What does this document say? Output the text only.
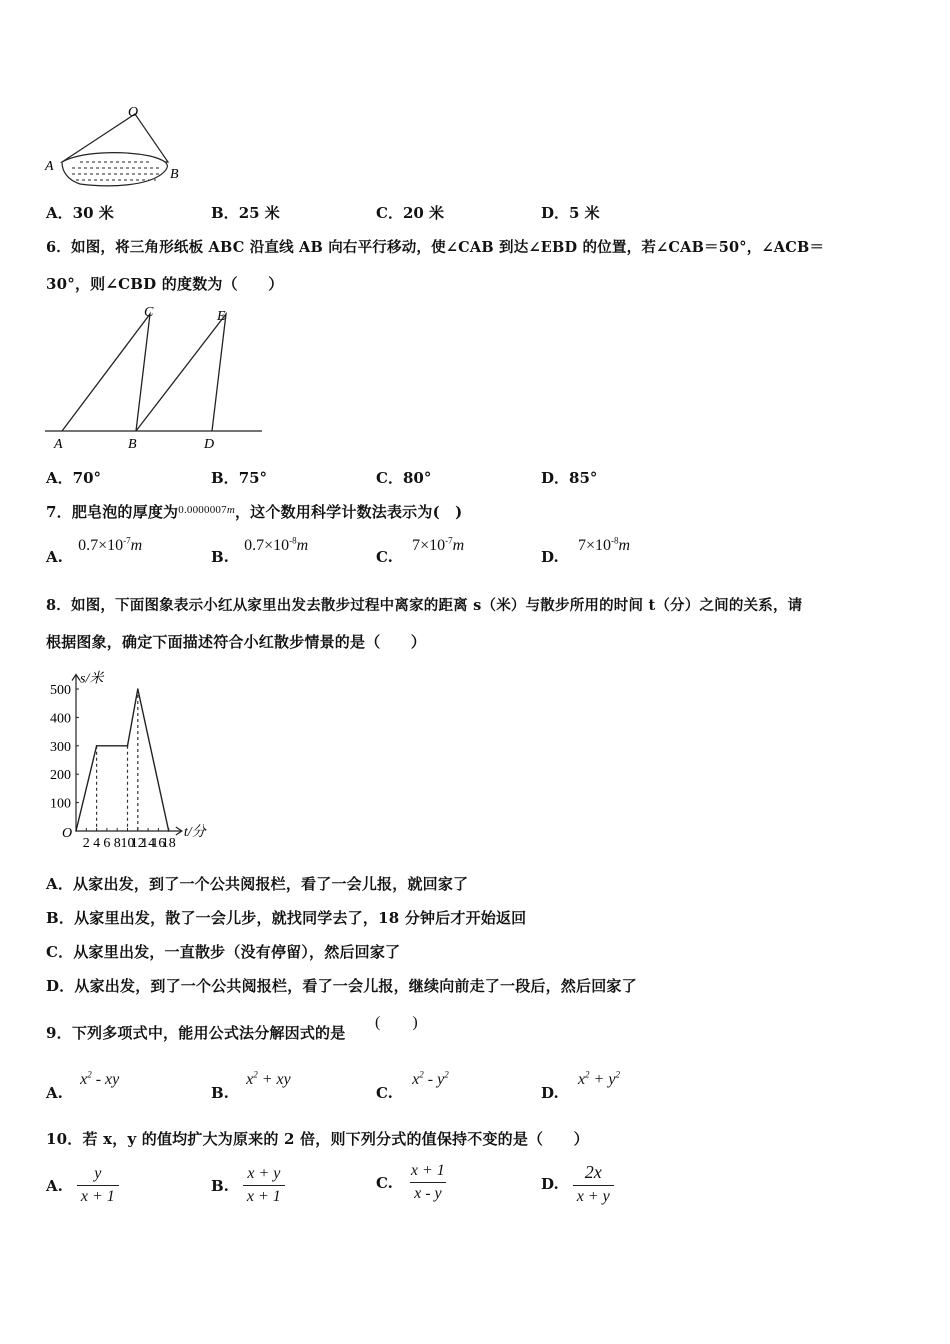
O
A
B
A．30 米	B．25 米	C．20 米	D．5 米
6．如图，将三角形纸板 ABC 沿直线 AB 向右平行移动，使∠CAB 到达∠EBD 的位置，若∠CAB＝50°，∠ACB＝
30°，则∠CBD 的度数为（　　）
A	B
C
D
E
A．70°	B．75°	C．80°	D．85°
7．肥皂泡的厚度为$^{0.0000007m}$，这个数用科学计数法表示为(　)
A. $0.7\times 10^{-7}m$
B. $0.7\times 10^{-8}m$
C. $7\times 10^{-7}m$
D. $7\times 10^{-8}m$
8．如图，下面图象表示小红从家里出发去散步过程中离家的距离 s（米）与散步所用的时间 t（分）之间的关系，请
根据图象，确定下面描述符合小红散步情景的是（　　）
t/分
s/米
O
2 4 6 8 10
12
14
16
18
100
200
300
400
500
A．从家出发，到了一个公共阅报栏，看了一会儿报，就回家了
B．从家里出发，散了一会儿步，就找同学去了，18 分钟后才开始返回
C．从家里出发，一直散步（没有停留），然后回家了
D．从家出发，到了一个公共阅报栏，看了一会儿报，继续向前走了一段后，然后回家了
9．下列多项式中，能用公式法分解因式的是
(　　)
A. $x^2$ - xy
B. $x^2$ + xy
C. $x^2 - y^2$
D. $x^2 + y^2$
10．若 x，y 的值均扩大为原来的 2 倍，则下列分式的值保持不变的是（　　）
A. $\frac{y}{x + 1}$	B. $\frac{x + y}{x + 1}$	C. $\frac{x + 1}{x - y}$	D. $\frac{2x}{x + y}$
